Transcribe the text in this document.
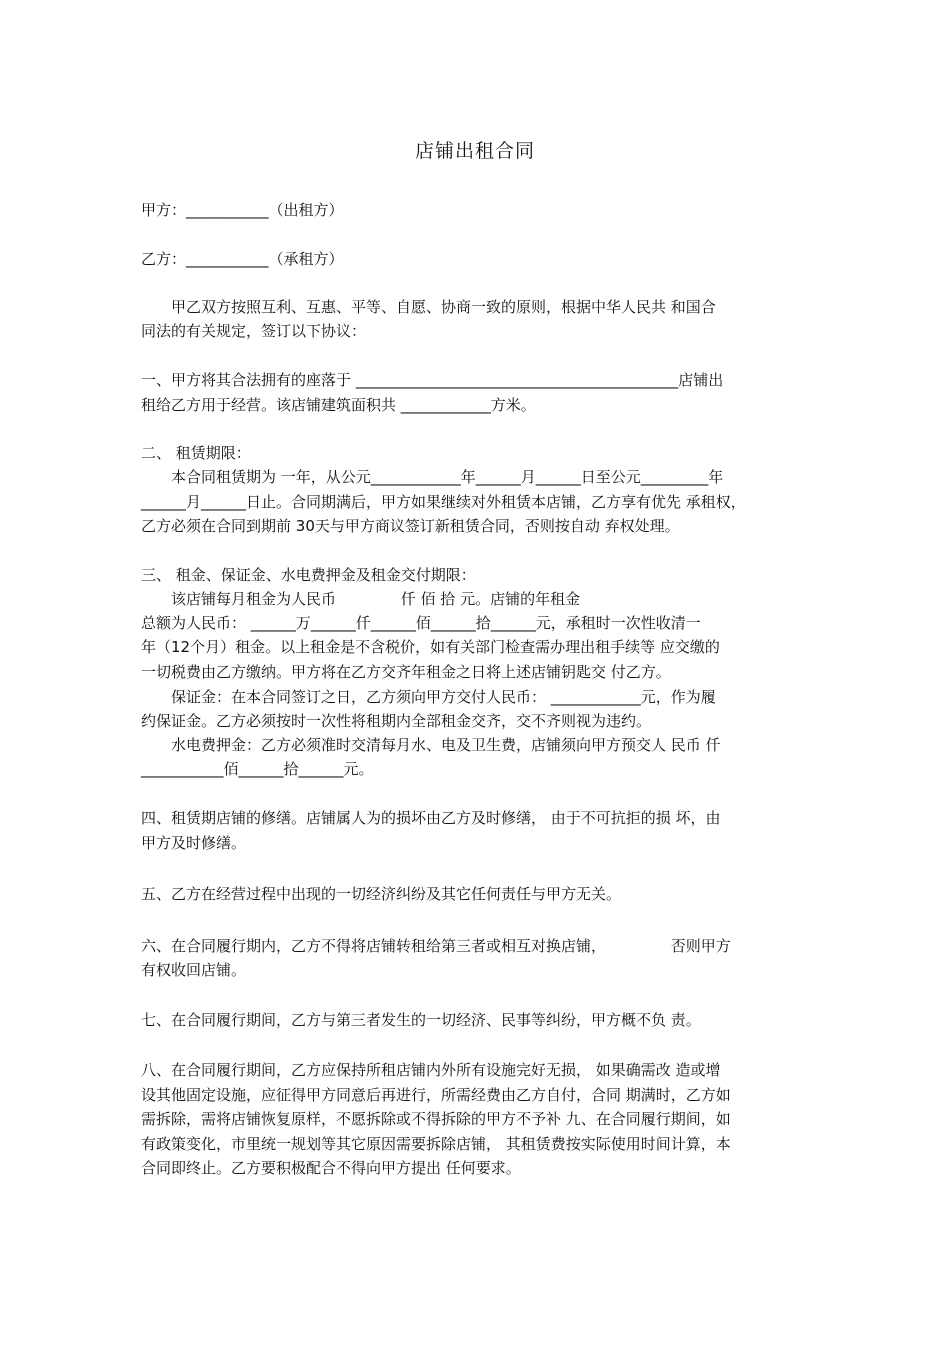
店铺出租合同
甲方：___________（出租方）
乙方：___________（承租方）
　　甲乙双方按照互利、互惠、平等、自愿、协商一致的原则，根据中华人民共 和国合
同法的有关规定，签订以下协议：
一、甲方将其合法拥有的座落于 ___________________________________________店铺出
租给乙方用于经营。该店铺建筑面积共 ____________方米。
二、 租赁期限：
　　本合同租赁期为 一年，从公元____________年______月______日至公元_________年
______月______日止。合同期满后，甲方如果继续对外租赁本店铺，乙方享有优先 承租权，
乙方必须在合同到期前 30天与甲方商议签订新租赁合同，否则按自动 弃权处理。
三、 租金、保证金、水电费押金及租金交付期限：
　　该店铺每月租金为人民币 　　　　仟 佰 拾 元。店铺的年租金
总额为人民币： ______万______仟______佰______拾______元，承租时一次性收清一
年（12个月）租金。以上租金是不含税价，如有关部门检查需办理出租手续等 应交缴的
一切税费由乙方缴纳。甲方将在乙方交齐年租金之日将上述店铺钥匙交 付乙方。
　　保证金：在本合同签订之日，乙方须向甲方交付人民币： ____________元，作为履
约保证金。乙方必须按时一次性将租期内全部租金交齐，交不齐则视为违约。
　　水电费押金：乙方必须准时交清每月水、电及卫生费，店铺须向甲方预交人 民币 仟
___________佰______拾______元。
四、租赁期店铺的修缮。店铺属人为的损坏由乙方及时修缮， 由于不可抗拒的损 坏，由
甲方及时修缮。
五、乙方在经营过程中出现的一切经济纠纷及其它任何责任与甲方无关。
六、在合同履行期内，乙方不得将店铺转租给第三者或相互对换店铺， 　　　　否则甲方
有权收回店铺。
七、在合同履行期间，乙方与第三者发生的一切经济、民事等纠纷，甲方概不负 责。
八、在合同履行期间，乙方应保持所租店铺内外所有设施完好无损， 如果确需改 造或增
设其他固定设施，应征得甲方同意后再进行，所需经费由乙方自付，合同 期满时，乙方如
需拆除，需将店铺恢复原样，不愿拆除或不得拆除的甲方不予补 九、在合同履行期间，如
有政策变化，市里统一规划等其它原因需要拆除店铺， 其租赁费按实际使用时间计算，本
合同即终止。乙方要积极配合不得向甲方提出 任何要求。
